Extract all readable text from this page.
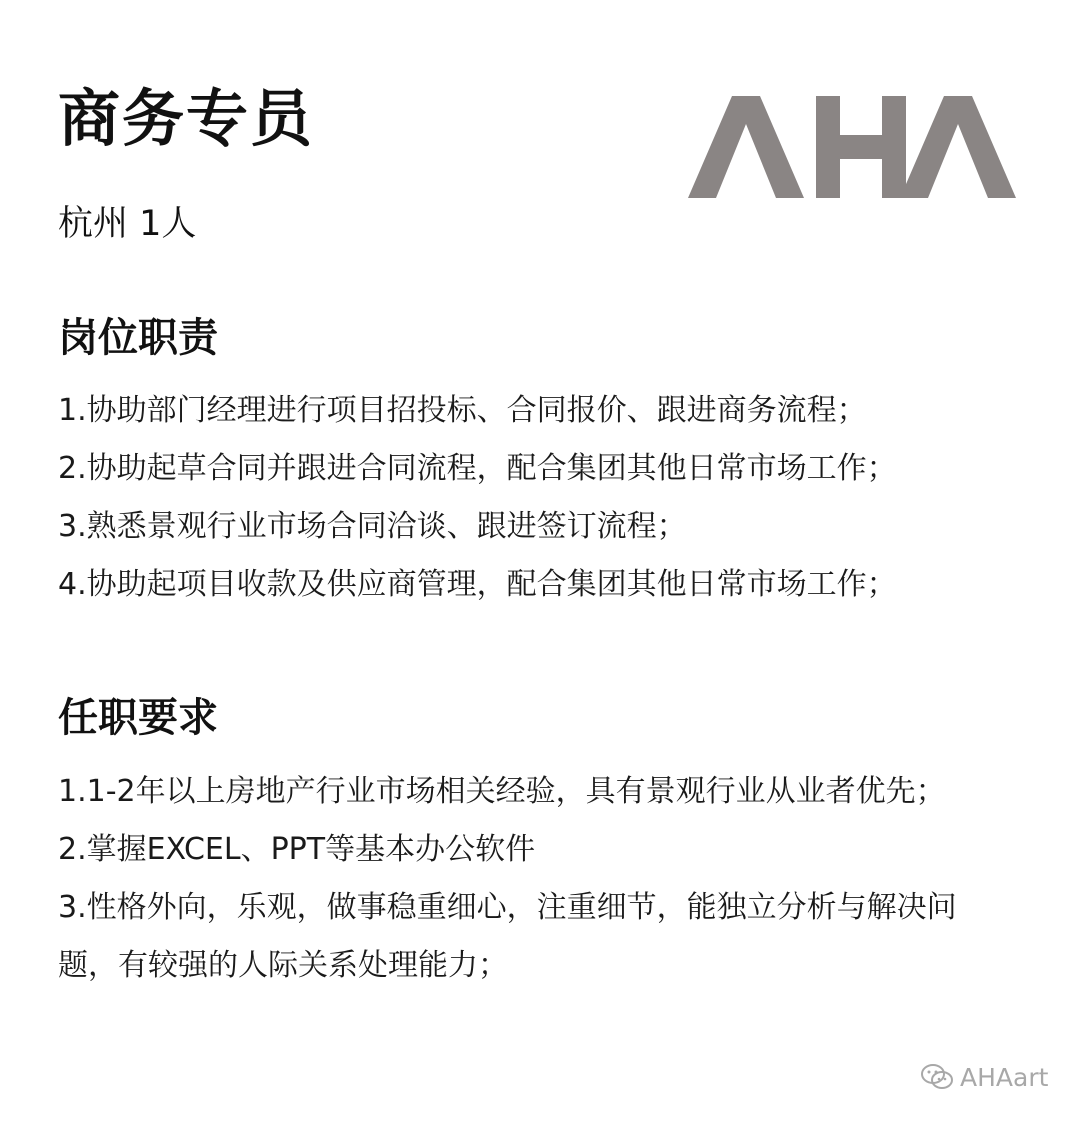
商务专员

杭州 1人

岗位职责
1.协助部门经理进行项目招投标、合同报价、跟进商务流程；
2.协助起草合同并跟进合同流程，配合集团其他日常市场工作；
3.熟悉景观行业市场合同洽谈、跟进签订流程；
4.协助起项目收款及供应商管理，配合集团其他日常市场工作；
任职要求
1.1-2年以上房地产行业市场相关经验，具有景观行业从业者优先；
2.掌握EXCEL、PPT等基本办公软件
3.性格外向，乐观，做事稳重细心，注重细节，能独立分析与解决问
题，有较强的人际关系处理能力；
AHAart
